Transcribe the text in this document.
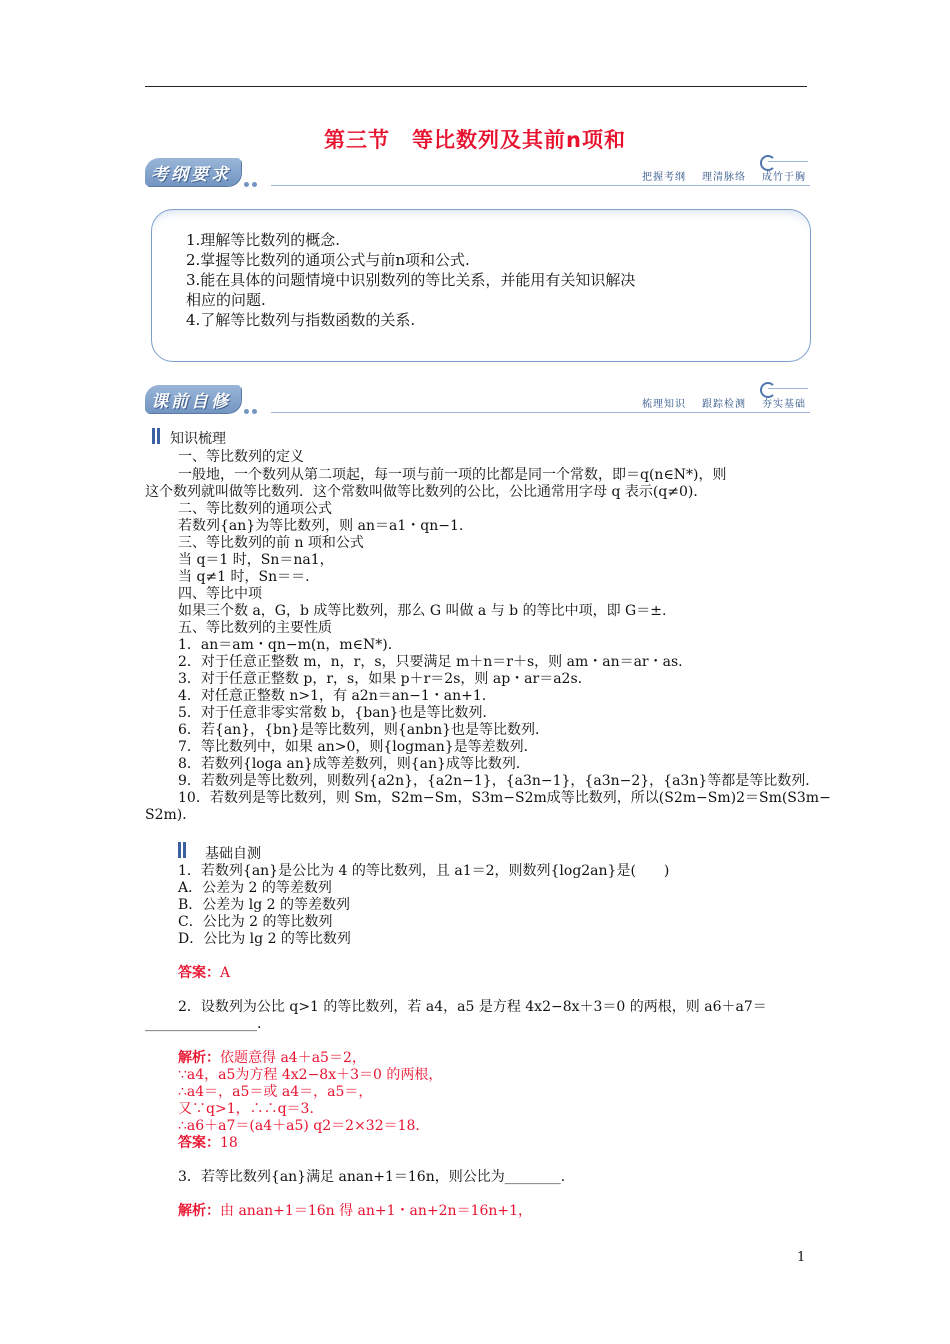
第三节　等比数列及其前n项和
考纲要求	把握考纲 理清脉络 成竹于胸
1.理解等比数列的概念.
2.掌握等比数列的通项公式与前n项和公式.
3.能在具体的问题情境中识别数列的等比关系，并能用有关知识解决
相应的问题.
4.了解等比数列与指数函数的关系.
课前自修	梳理知识 跟踪检测 夯实基础
知识梳理
一、等比数列的定义
一般地，一个数列从第二项起，每一项与前一项的比都是同一个常数，即＝q(n∈N*)，则
这个数列就叫做等比数列．这个常数叫做等比数列的公比，公比通常用字母 q 表示(q≠0)．
二、等比数列的通项公式
若数列{an}为等比数列，则 an＝a1・qn−1.
三、等比数列的前 n 项和公式
当 q＝1 时，Sn＝na1，
当 q≠1 时，Sn＝＝.
四、等比中项
如果三个数 a，G，b 成等比数列，那么 G 叫做 a 与 b 的等比中项，即 G＝±.
五、等比数列的主要性质
1．an＝am・qn−m(n，m∈N*)．
2．对于任意正整数 m，n，r，s，只要满足 m＋n＝r＋s，则 am・an＝ar・as.
3．对于任意正整数 p，r，s，如果 p＋r＝2s，则 ap・ar＝a2s.
4．对任意正整数 n>1，有 a2n＝an−1・an+1.
5．对于任意非零实常数 b，{ban}也是等比数列．
6．若{an}，{bn}是等比数列，则{anbn}也是等比数列．
7．等比数列中，如果 an>0，则{logman}是等差数列．
8．若数列{loga an}成等差数列，则{an}成等比数列．
9．若数列是等比数列，则数列{a2n}，{a2n−1}，{a3n−1}，{a3n−2}，{a3n}等都是等比数列．
10．若数列是等比数列，则 Sm，S2m−Sm，S3m−S2m成等比数列，所以(S2m−Sm)2＝Sm(S3m−
S2m)．
基础自测
1．若数列{an}是公比为 4 的等比数列，且 a1＝2，则数列{log2an}是(　　)
A．公差为 2 的等差数列
B．公差为 lg 2 的等差数列
C．公比为 2 的等比数列
D．公比为 lg 2 的等比数列
答案：A
2．设数列为公比 q>1 的等比数列，若 a4，a5 是方程 4x2−8x＋3＝0 的两根，则 a6＋a7＝
________________.
解析：依题意得 a4＋a5＝2，
∵a4，a5为方程 4x2−8x＋3＝0 的两根，
∴a4＝，a5＝或 a4＝，a5＝，
又∵q>1，∴∴q＝3.
∴a6＋a7＝(a4＋a5) q2＝2×32＝18.
答案：18
3．若等比数列{an}满足 anan+1＝16n，则公比为________.
解析：由 anan+1＝16n 得 an+1・an+2n＝16n+1，
1
